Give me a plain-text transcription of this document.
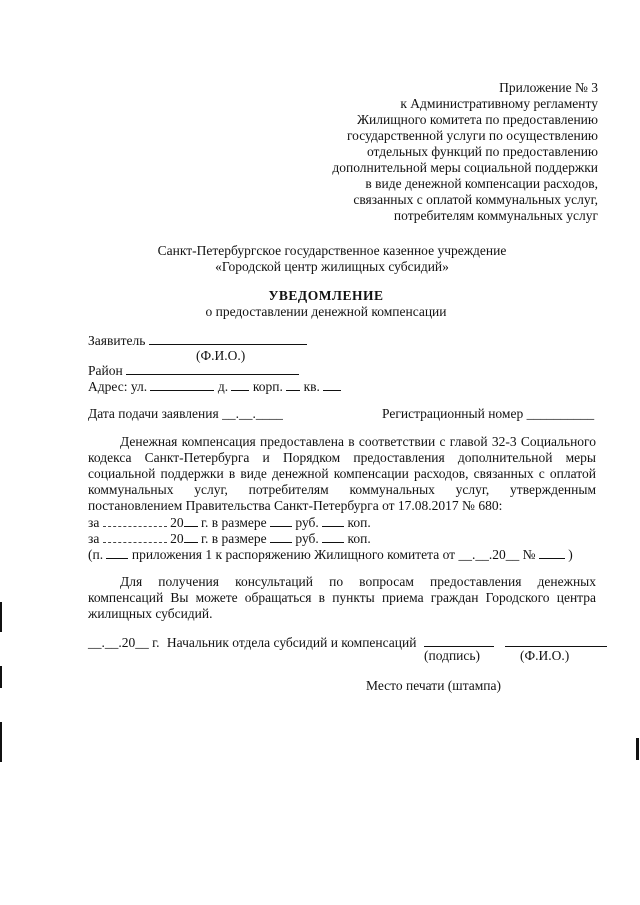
Приложение № 3
к Административному регламенту
Жилищного комитета по предоставлению
государственной услуги по осуществлению
отдельных функций по предоставлению
дополнительной меры социальной поддержки
в виде денежной компенсации расходов,
связанных с оплатой коммунальных услуг,
потребителям коммунальных услуг
Санкт-Петербургское государственное казенное учреждение
«Городской центр жилищных субсидий»
УВЕДОМЛЕНИЕ
о предоставлении денежной компенсации
Заявитель
(Ф.И.О.)
Район
Адрес: ул.	д. корп. кв.
Дата подачи заявления __.__.____	Регистрационный номер __________
Денежная компенсация предоставлена в соответствии с главой 32-3 Социального кодекса Санкт-Петербурга и Порядком предоставления дополнительной меры социальной поддержки в виде денежной компенсации расходов, связанных с оплатой коммунальных услуг, потребителям коммунальных услуг, утвержденным постановлением Правительства Санкт-Петербурга от 17.08.2017 № 680:
за	20 г. в размере руб. коп.
за	20 г. в размере руб. коп.
(п. приложения 1 к распоряжению Жилищного комитета от __.__.20__ № )
Для получения консультаций по вопросам предоставления денежных компенсаций Вы можете обращаться в пункты приема граждан Городского центра жилищных субсидий.
__.__.20__ г. Начальник отдела субсидий и компенсаций
(подпись)	(Ф.И.О.)
Место печати (штампа)
